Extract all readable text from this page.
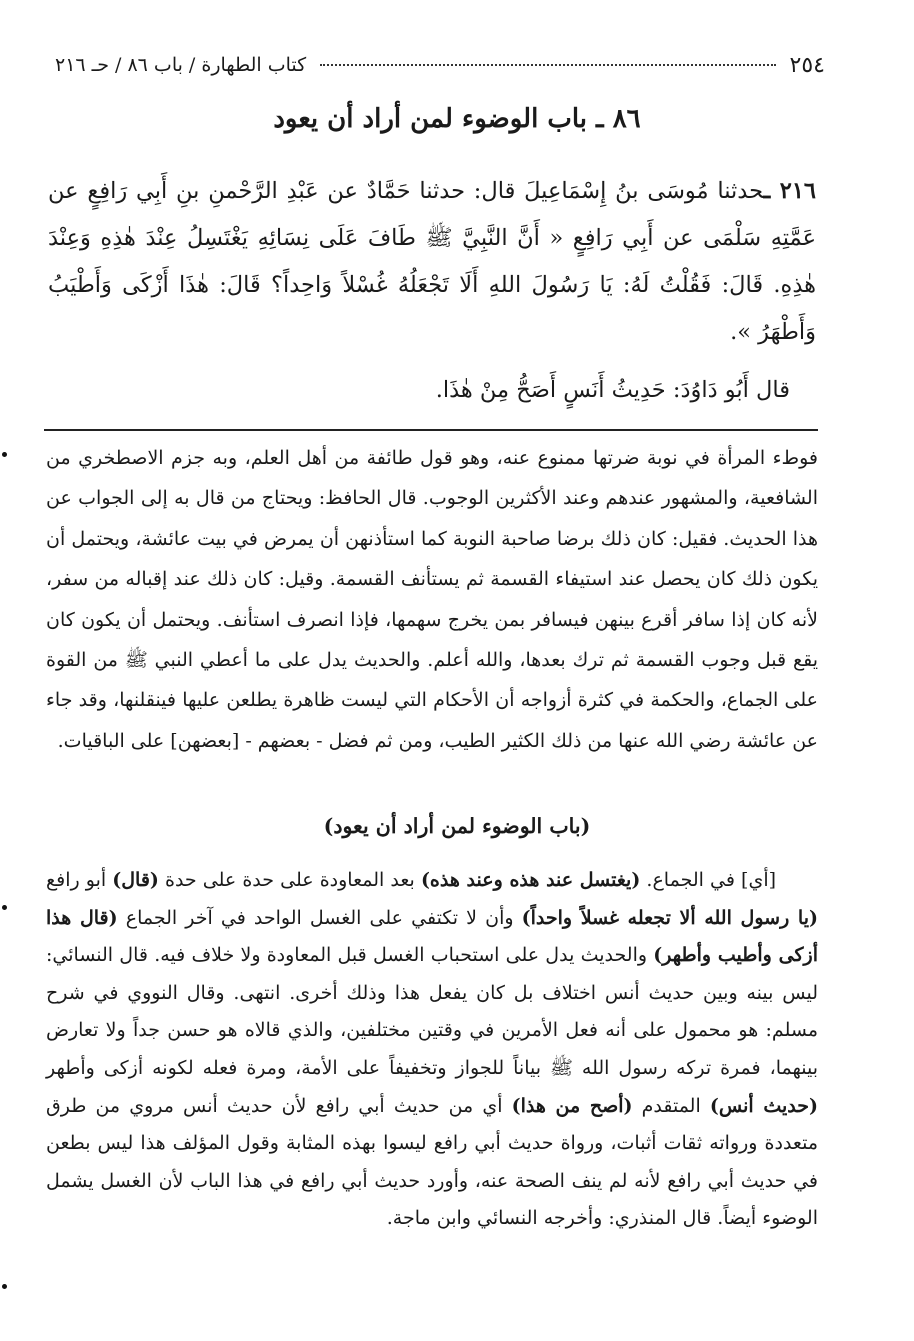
٢٥٤
كتاب الطهارة / باب ٨٦ / حـ ٢١٦
٨٦ ـ باب الوضوء لمن أراد أن يعود

٢١٦ ـحدثنا مُوسَى بنُ إِسْمَاعِيلَ قال: حدثنا حَمَّادٌ عن عَبْدِ الرَّحْمنِ بنِ أَبِي رَافِعٍ عن عَمَّتِهِ سَلْمَى عن أَبِي رَافِعٍ « أَنَّ النَّبِيَّ ﷺ طَافَ عَلَى نِسَائِهِ يَغْتَسِلُ عِنْدَ هٰذِهِ وَعِنْدَ هٰذِهِ. قَالَ: فَقُلْتُ لَهُ: يَا رَسُولَ اللهِ أَلَا تَجْعَلُهُ غُسْلاً وَاحِداً؟ قَالَ: هٰذَا أَزْكَى وَأَطْيَبُ وَأَطْهَرُ ».

قال أَبُو دَاوُدَ: حَدِيثُ أَنَسٍ أَصَحُّ مِنْ هٰذَا.

فوطء المرأة في نوبة ضرتها ممنوع عنه، وهو قول طائفة من أهل العلم، وبه جزم الاصطخري من الشافعية، والمشهور عندهم وعند الأكثرين الوجوب. قال الحافظ: ويحتاج من قال به إلى الجواب عن هذا الحديث. فقيل: كان ذلك برضا صاحبة النوبة كما استأذنهن أن يمرض في بيت عائشة، ويحتمل أن يكون ذلك كان يحصل عند استيفاء القسمة ثم يستأنف القسمة. وقيل: كان ذلك عند إقباله من سفر، لأنه كان إذا سافر أقرع بينهن فيسافر بمن يخرج سهمها، فإذا انصرف استأنف. ويحتمل أن يكون كان يقع قبل وجوب القسمة ثم ترك بعدها، والله أعلم. والحديث يدل على ما أعطي النبي ﷺ من القوة على الجماع، والحكمة في كثرة أزواجه أن الأحكام التي ليست ظاهرة يطلعن عليها فينقلنها، وقد جاء عن عائشة رضي الله عنها من ذلك الكثير الطيب، ومن ثم فضل - بعضهم - [بعضهن] على الباقيات.

(باب الوضوء لمن أراد أن يعود)

[أي] في الجماع. (يغتسل عند هذه وعند هذه) بعد المعاودة على حدة على حدة (قال) أبو رافع (يا رسول الله ألا تجعله غسلاً واحداً) وأن لا تكتفي على الغسل الواحد في آخر الجماع (قال هذا أزكى وأطيب وأطهر) والحديث يدل على استحباب الغسل قبل المعاودة ولا خلاف فيه. قال النسائي: ليس بينه وبين حديث أنس اختلاف بل كان يفعل هذا وذلك أخرى. انتهى. وقال النووي في شرح مسلم: هو محمول على أنه فعل الأمرين في وقتين مختلفين، والذي قالاه هو حسن جداً ولا تعارض بينهما، فمرة تركه رسول الله ﷺ بياناً للجواز وتخفيفاً على الأمة، ومرة فعله لكونه أزكى وأطهر (حديث أنس) المتقدم (أصح من هذا) أي من حديث أبي رافع لأن حديث أنس مروي من طرق متعددة ورواته ثقات أثبات، ورواة حديث أبي رافع ليسوا بهذه المثابة وقول المؤلف هذا ليس بطعن في حديث أبي رافع لأنه لم ينف الصحة عنه، وأورد حديث أبي رافع في هذا الباب لأن الغسل يشمل الوضوء أيضاً. قال المنذري: وأخرجه النسائي وابن ماجة.
